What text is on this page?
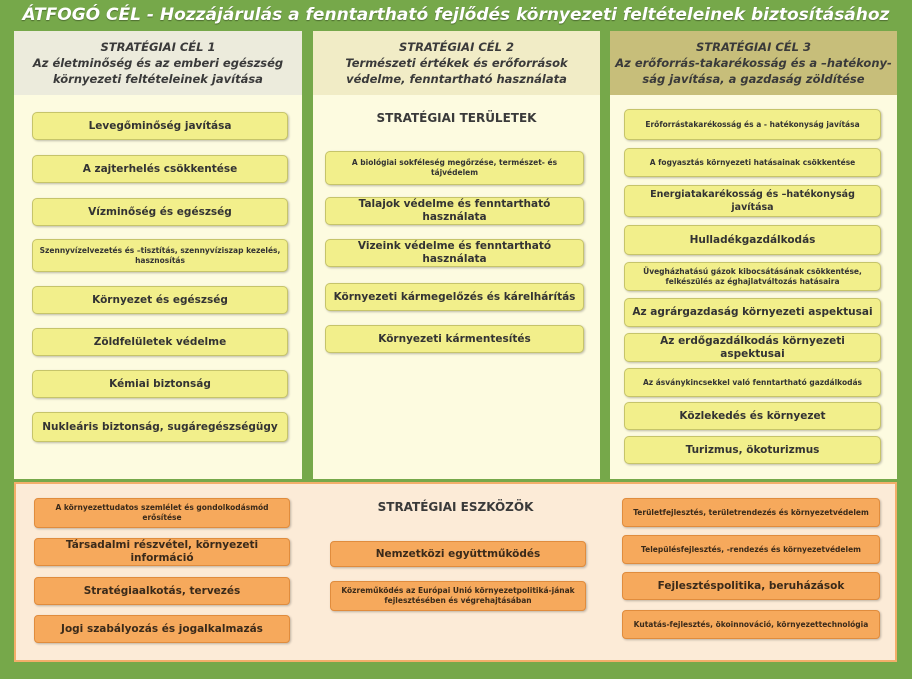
ÁTFOGÓ CÉL - Hozzájárulás a fenntartható fejlődés környezeti feltételeinek biztosításához
STRATÉGIAI CÉL 1
Az életminőség és az emberi egészség
környezeti feltételeinek javítása
Levegőminőség javítása
A zajterhelés csökkentése
Vízminőség és egészség
Szennyvízelvezetés és –tisztítás, szennyvíziszap kezelés, hasznosítás
Környezet és egészség
Zöldfelületek védelme
Kémiai biztonság
Nukleáris biztonság, sugáregészségügy
STRATÉGIAI CÉL 2
Természeti értékek és erőforrások
védelme, fenntartható használata
STRATÉGIAI TERÜLETEK
A biológiai sokféleség megőrzése, természet- és tájvédelem
Talajok védelme és fenntartható használata
Vizeink védelme és fenntartható használata
Környezeti kármegelőzés és kárelhárítás
Környezeti kármentesítés
STRATÉGIAI CÉL 3
Az erőforrás-takarékosság és a –hatékony-
ság javítása, a gazdaság zöldítése
Erőforrástakarékosság és a - hatékonyság javítása
A fogyasztás környezeti hatásainak csökkentése
Energiatakarékosság és –hatékonyság javítása
Hulladékgazdálkodás
Üvegházhatású gázok kibocsátásának csökkentése, felkészülés az éghajlatváltozás hatásaira
Az agrárgazdaság környezeti aspektusai
Az erdőgazdálkodás környezeti aspektusai
Az ásványkincsekkel való fenntartható gazdálkodás
Közlekedés és környezet
Turizmus, ökoturizmus
STRATÉGIAI ESZKÖZÖK
A környezettudatos szemlélet és gondolkodásmód erősítése
Társadalmi részvétel, környezeti információ
Stratégiaalkotás, tervezés
Jogi szabályozás és jogalkalmazás
Nemzetközi együttműködés
Közreműködés az Európai Unió környezetpolitiká-jának fejlesztésében és végrehajtásában
Területfejlesztés, területrendezés és környezetvédelem
Településfejlesztés, -rendezés és környezetvédelem
Fejlesztéspolitika, beruházások
Kutatás-fejlesztés, ökoinnováció, környezettechnológia
